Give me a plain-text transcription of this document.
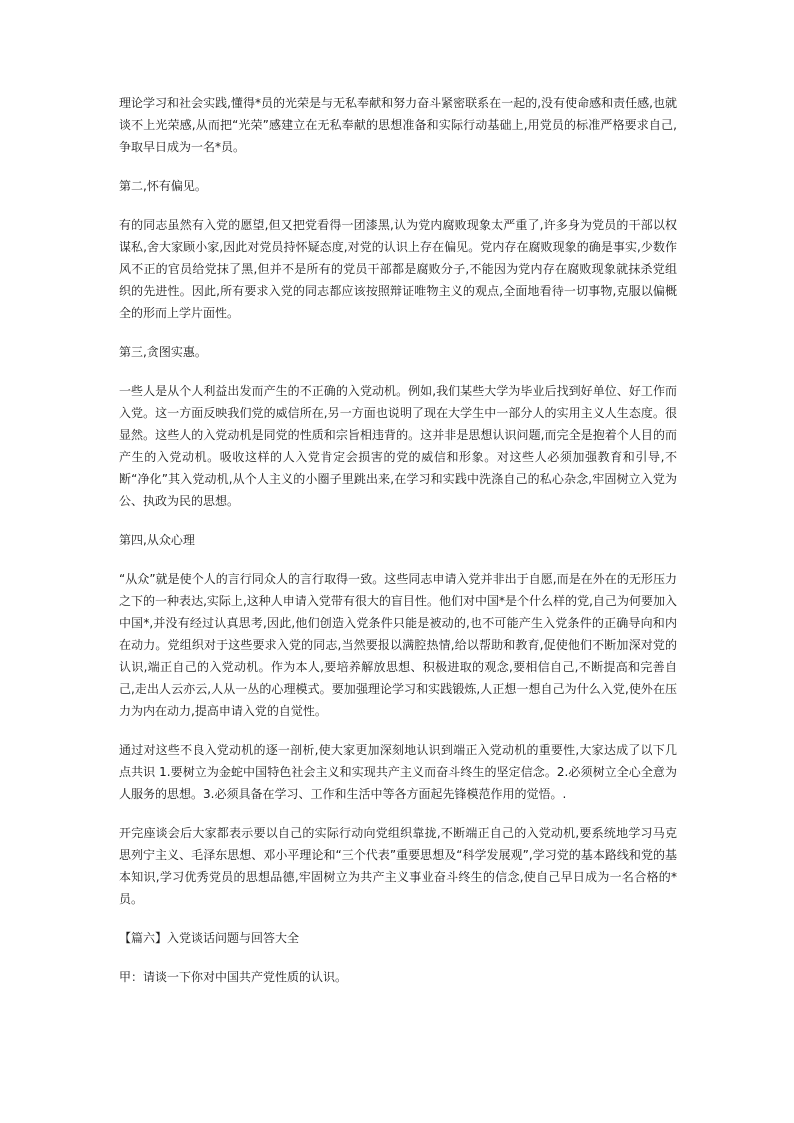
理论学习和社会实践,懂得*员的光荣是与无私奉献和努力奋斗紧密联系在一起的,没有使命感和责任感,也就谈不上光荣感,从而把“光荣”感建立在无私奉献的思想准备和实际行动基础上,用党员的标准严格要求自己,争取早日成为一名*员。

第二,怀有偏见。

有的同志虽然有入党的愿望,但又把党看得一团漆黑,认为党内腐败现象太严重了,许多身为党员的干部以权谋私,舍大家顾小家,因此对党员持怀疑态度,对党的认识上存在偏见。党内存在腐败现象的确是事实,少数作风不正的官员给党抹了黑,但并不是所有的党员干部都是腐败分子,不能因为党内存在腐败现象就抹杀党组织的先进性。因此,所有要求入党的同志都应该按照辩证唯物主义的观点,全面地看待一切事物,克服以偏概全的形而上学片面性。

第三,贪图实惠。

一些人是从个人利益出发而产生的不正确的入党动机。例如,我们某些大学为毕业后找到好单位、好工作而入党。这一方面反映我们党的威信所在,另一方面也说明了现在大学生中一部分人的实用主义人生态度。很显然。这些人的入党动机是同党的性质和宗旨相违背的。这并非是思想认识问题,而完全是抱着个人目的而产生的入党动机。吸收这样的人入党肯定会损害的党的威信和形象。对这些人必须加强教育和引导,不断“净化”其入党动机,从个人主义的小圈子里跳出来,在学习和实践中洗涤自己的私心杂念,牢固树立入党为公、执政为民的思想。

第四,从众心理

“从众”就是使个人的言行同众人的言行取得一致。这些同志申请入党并非出于自愿,而是在外在的无形压力之下的一种表达,实际上,这种人申请入党带有很大的盲目性。他们对中国*是个什么样的党,自己为何要加入中国*,并没有经过认真思考,因此,他们创造入党条件只能是被动的,也不可能产生入党条件的正确导向和内在动力。党组织对于这些要求入党的同志,当然要报以满腔热情,给以帮助和教育,促使他们不断加深对党的认识,端正自己的入党动机。作为本人,要培养解放思想、积极进取的观念,要相信自己,不断提高和完善自己,走出人云亦云,人从一丛的心理模式。要加强理论学习和实践锻炼,人正想一想自己为什么入党,使外在压力为内在动力,提高申请入党的自觉性。

通过对这些不良入党动机的逐一剖析,使大家更加深刻地认识到端正入党动机的重要性,大家达成了以下几点共识 1.要树立为金蛇中国特色社会主义和实现共产主义而奋斗终生的坚定信念。2.必须树立全心全意为人服务的思想。3.必须具备在学习、工作和生活中等各方面起先锋模范作用的觉悟。.

开完座谈会后大家都表示要以自己的实际行动向党组织靠拢,不断端正自己的入党动机,要系统地学习马克思列宁主义、毛泽东思想、邓小平理论和“三个代表”重要思想及“科学发展观”,学习党的基本路线和党的基本知识,学习优秀党员的思想品德,牢固树立为共产主义事业奋斗终生的信念,使自己早日成为一名合格的*员。

【篇六】入党谈话问题与回答大全

甲：请谈一下你对中国共产党性质的认识。
